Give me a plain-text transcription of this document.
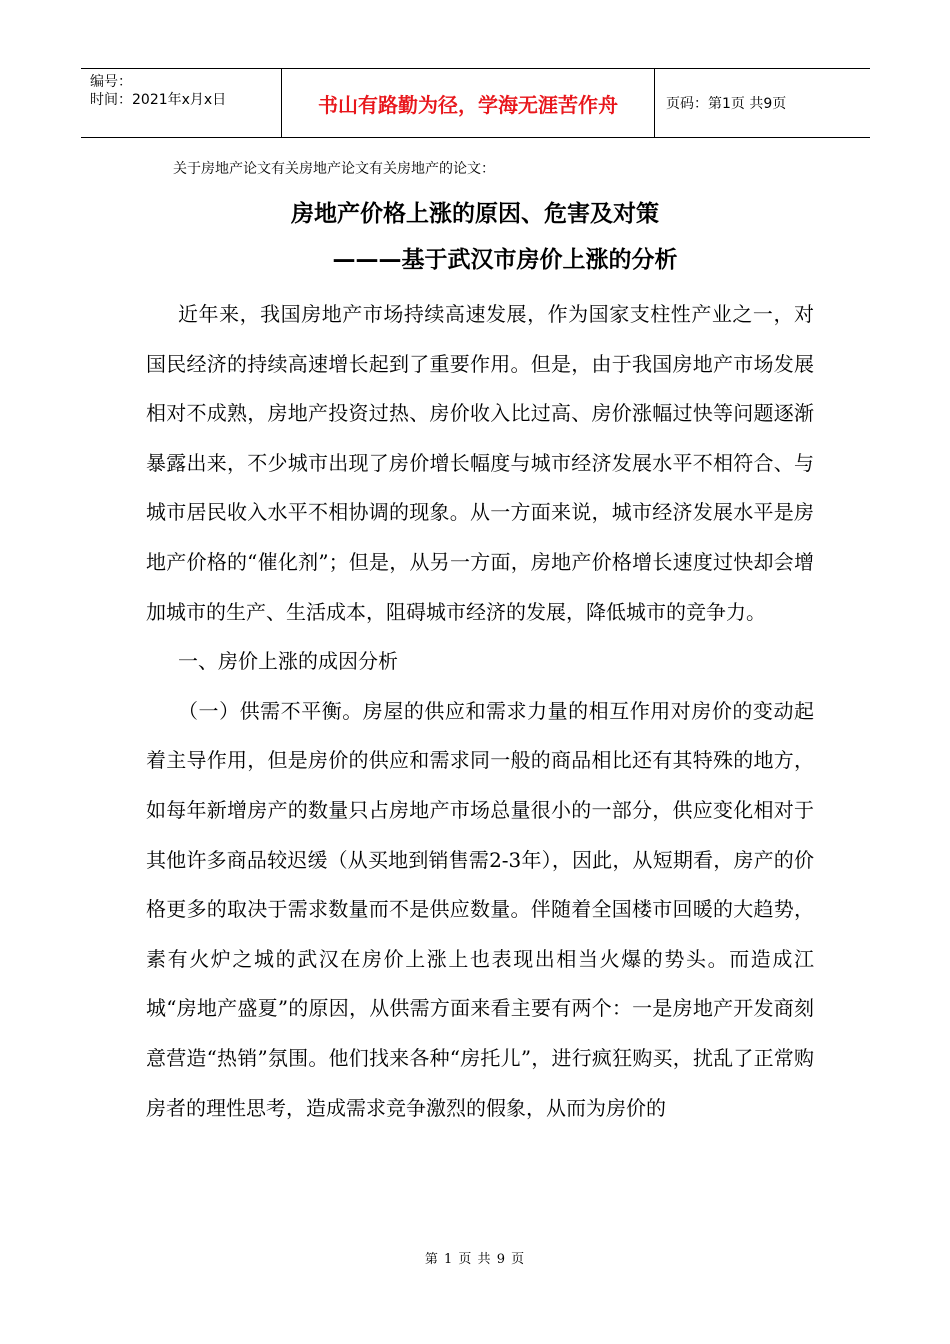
编号：
时间：2021年x月x日	书山有路勤为径，学海无涯苦作舟	页码：第1页 共9页
关于房地产论文有关房地产论文有关房地产的论文：
房地产价格上涨的原因、危害及对策
———基于武汉市房价上涨的分析

近年来，我国房地产市场持续高速发展，作为国家支柱性产业之一，对国民经济的持续高速增长起到了重要作用。但是，由于我国房地产市场发展相对不成熟，房地产投资过热、房价收入比过高、房价涨幅过快等问题逐渐暴露出来，不少城市出现了房价增长幅度与城市经济发展水平不相符合、与城市居民收入水平不相协调的现象。从一方面来说，城市经济发展水平是房地产价格的“催化剂”；但是，从另一方面，房地产价格增长速度过快却会增加城市的生产、生活成本，阻碍城市经济的发展，降低城市的竞争力。

一、房价上涨的成因分析

（一）供需不平衡。房屋的供应和需求力量的相互作用对房价的变动起着主导作用，但是房价的供应和需求同一般的商品相比还有其特殊的地方，如每年新增房产的数量只占房地产市场总量很小的一部分，供应变化相对于其他许多商品较迟缓（从买地到销售需2-3年），因此，从短期看，房产的价格更多的取决于需求数量而不是供应数量。伴随着全国楼市回暖的大趋势，素有火炉之城的武汉在房价上涨上也表现出相当火爆的势头。而造成江城“房地产盛夏”的原因，从供需方面来看主要有两个：一是房地产开发商刻意营造“热销”氛围。他们找来各种“房托儿”，进行疯狂购买，扰乱了正常购房者的理性思考，造成需求竞争激烈的假象，从而为房价的

第 1 页 共 9 页
